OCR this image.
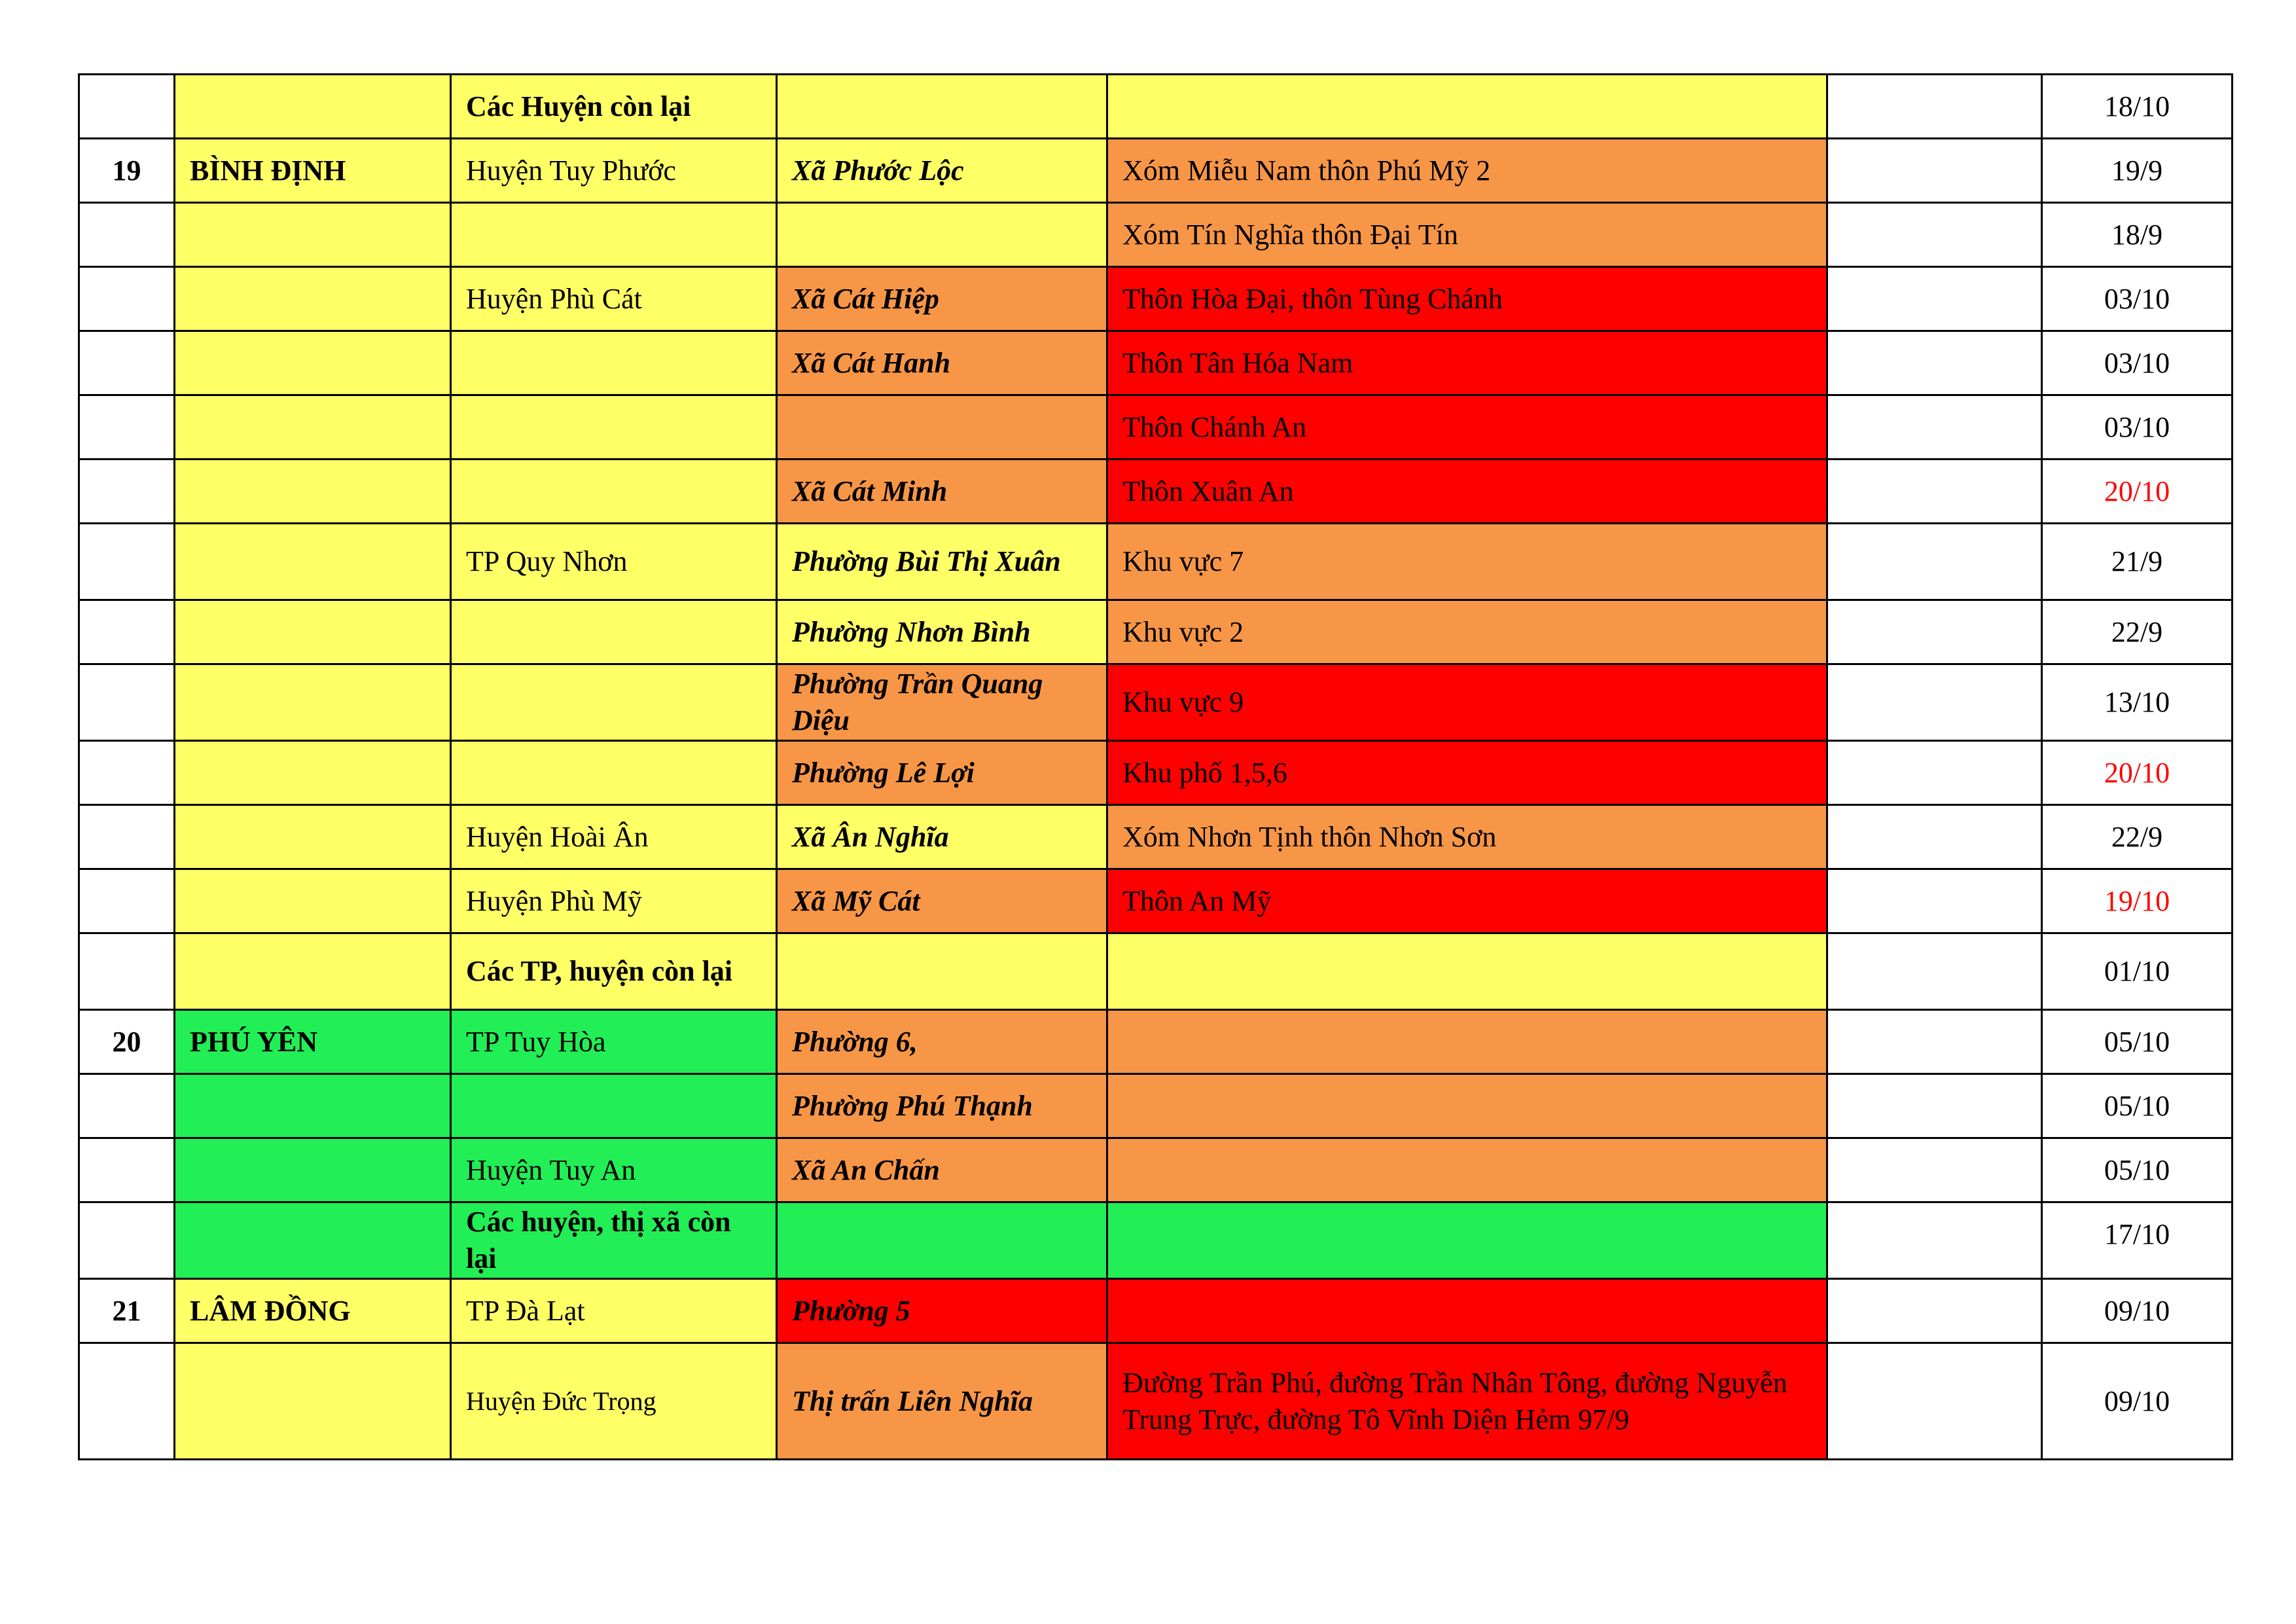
		Các Huyện còn lại				18/10
19	BÌNH ĐỊNH	Huyện Tuy Phước	Xã Phước Lộc	Xóm Miễu Nam thôn Phú Mỹ 2		19/9
				Xóm Tín Nghĩa thôn Đại Tín		18/9
		Huyện Phù Cát	Xã Cát Hiệp	Thôn Hòa Đại, thôn Tùng Chánh		03/10
			Xã Cát Hanh	Thôn Tân Hóa Nam		03/10
				Thôn Chánh An		03/10
			Xã Cát Minh	Thôn Xuân An		20/10
		TP Quy Nhơn	Phường Bùi Thị Xuân	Khu vực 7		21/9
			Phường Nhơn Bình	Khu vực 2		22/9
			Phường Trần Quang Diệu	Khu vực 9		13/10
			Phường Lê Lợi	Khu phố 1,5,6		20/10
		Huyện Hoài Ân	Xã Ân Nghĩa	Xóm Nhơn Tịnh thôn Nhơn Sơn		22/9
		Huyện Phù Mỹ	Xã Mỹ Cát	Thôn An Mỹ		19/10
		Các TP, huyện còn lại				01/10
20	PHÚ YÊN	TP Tuy Hòa	Phường 6,			05/10
			Phường Phú Thạnh			05/10
		Huyện Tuy An	Xã An Chấn			05/10
		Các huyện, thị xã còn lại				17/10
21	LÂM ĐỒNG	TP Đà Lạt	Phường 5			09/10
		Huyện Đức Trọng	Thị trấn Liên Nghĩa	Đường Trần Phú, đường Trần Nhân Tông, đường Nguyễn Trung Trực, đường Tô Vĩnh Diện Hẻm 97/9		09/10
